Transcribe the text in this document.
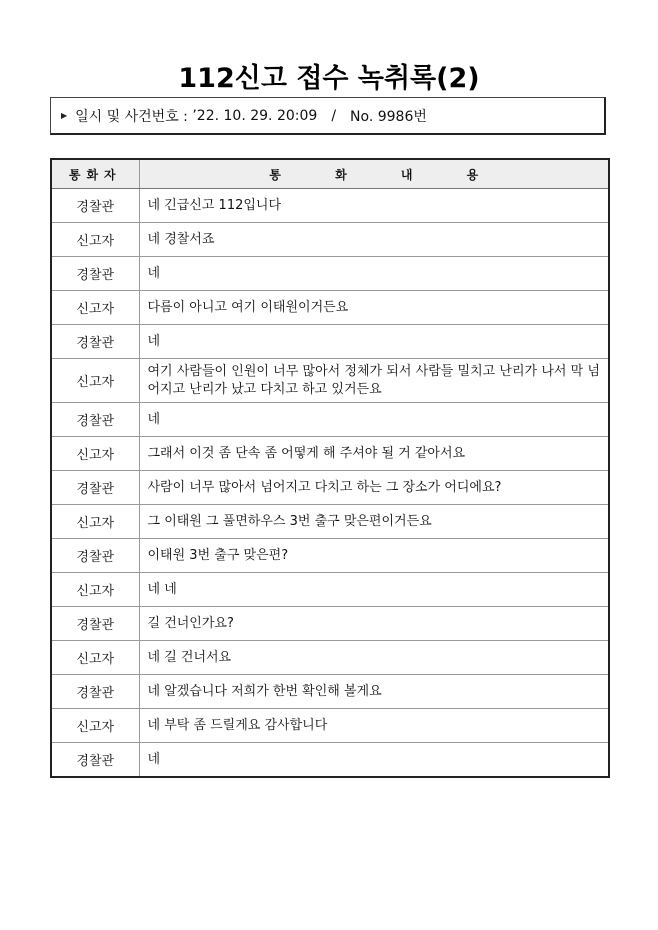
112신고 접수 녹취록(2)
▶ 일시 및 사건번호 :
’22. 10. 29. 20:09 / No. 9986번
통화자	통 화 내 용
경찰관	네 긴급신고 112입니다
신고자	네 경찰서죠
경찰관	네
신고자	다름이 아니고 여기 이태원이거든요
경찰관	네
신고자	여기 사람들이 인원이 너무 많아서 정체가 되서 사람들 밀치고 난리가 나서 막 넘어지고 난리가 났고 다치고 하고 있거든요
경찰관	네
신고자	그래서 이것 좀 단속 좀 어떻게 해 주셔야 될 거 같아서요
경찰관	사람이 너무 많아서 넘어지고 다치고 하는 그 장소가 어디에요?
신고자	그 이태원 그 풀면하우스 3번 출구 맞은편이거든요
경찰관	이태원 3번 출구 맞은편?
신고자	네 네
경찰관	길 건너인가요?
신고자	네 길 건너서요
경찰관	네 알겠습니다 저희가 한번 확인해 볼게요
신고자	네 부탁 좀 드릴게요 감사합니다
경찰관	네
